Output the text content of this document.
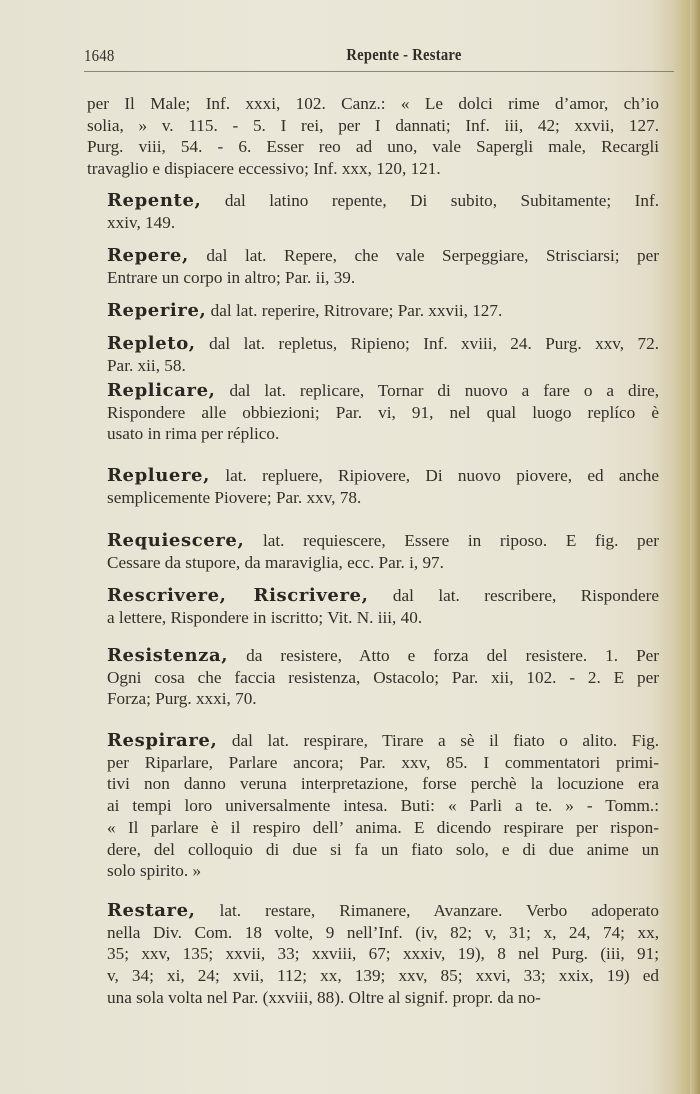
1648	Repente - Restare

per Il Male; Inf. xxxi, 102. Canz.: « Le dolci rime d’amor, ch’io
solia, » v. 115. - 5. I rei, per I dannati; Inf. iii, 42; xxvii, 127.
Purg. viii, 54. - 6. Esser reo ad uno, vale Sapergli male, Recargli
travaglio e dispiacere eccessivo; Inf. xxx, 120, 121.

Repente, dal latino repente, Di subito, Subitamente; Inf.
xxiv, 149.

Repere, dal lat. Repere, che vale Serpeggiare, Strisciarsi; per
Entrare un corpo in altro; Par. ii, 39.

Reperire, dal lat. reperire, Ritrovare; Par. xxvii, 127.

Repleto, dal lat. repletus, Ripieno; Inf. xviii, 24. Purg. xxv, 72.
Par. xii, 58.

Replicare, dal lat. replicare, Tornar di nuovo a fare o a dire,
Rispondere alle obbiezioni; Par. vi, 91, nel qual luogo replíco è
usato in rima per réplico.

Repluere, lat. repluere, Ripiovere, Di nuovo piovere, ed anche
semplicemente Piovere; Par. xxv, 78.

Requiescere, lat. requiescere, Essere in riposo. E fig. per
Cessare da stupore, da maraviglia, ecc. Par. i, 97.

Rescrivere, Riscrivere, dal lat. rescribere, Rispondere
a lettere, Rispondere in iscritto; Vit. N. iii, 40.

Resistenza, da resistere, Atto e forza del resistere. 1. Per
Ogni cosa che faccia resistenza, Ostacolo; Par. xii, 102. - 2. E per
Forza; Purg. xxxi, 70.

Respirare, dal lat. respirare, Tirare a sè il fiato o alito. Fig.
per Riparlare, Parlare ancora; Par. xxv, 85. I commentatori primi-
tivi non danno veruna interpretazione, forse perchè la locuzione era
ai tempi loro universalmente intesa. Buti: « Parli a te. » - Tomm.:
« Il parlare è il respiro dell’ anima. E dicendo respirare per rispon-
dere, del colloquio di due si fa un fiato solo, e di due anime un
solo spirito. »

Restare, lat. restare, Rimanere, Avanzare. Verbo adoperato
nella Div. Com. 18 volte, 9 nell’Inf. (iv, 82; v, 31; x, 24, 74; xx,
35; xxv, 135; xxvii, 33; xxviii, 67; xxxiv, 19), 8 nel Purg. (iii, 91;
v, 34; xi, 24; xvii, 112; xx, 139; xxv, 85; xxvi, 33; xxix, 19) ed
una sola volta nel Par. (xxviii, 88). Oltre al signif. propr. da no-
